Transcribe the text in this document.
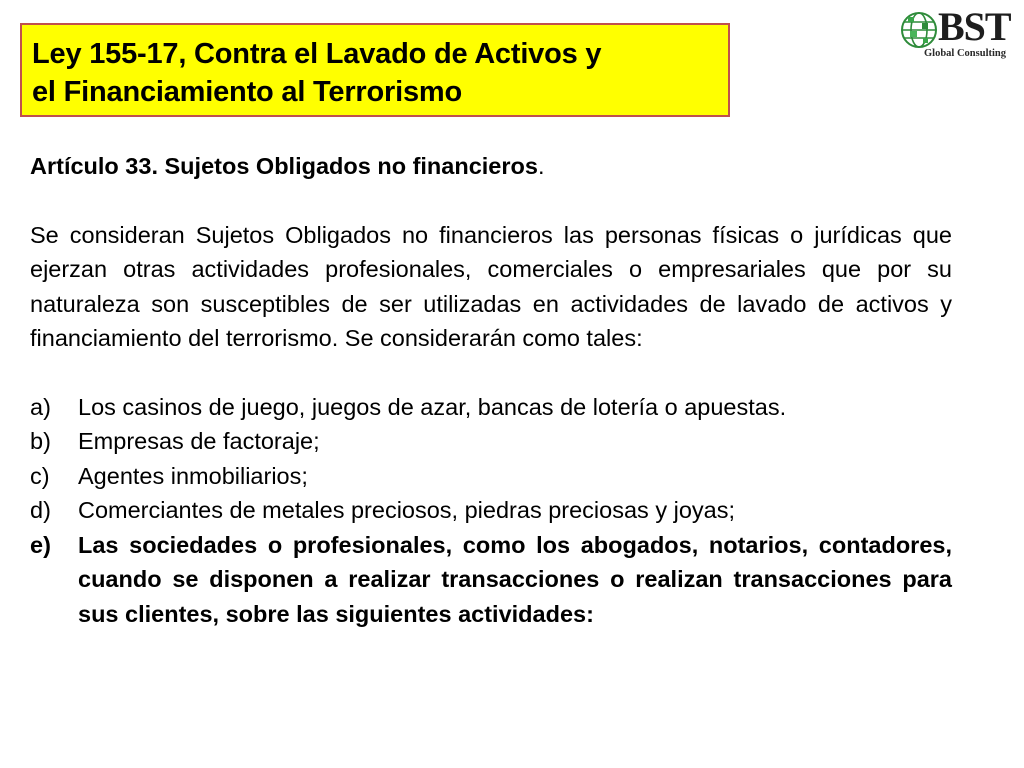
Ley 155-17, Contra el Lavado de Activos y
el Financiamiento al Terrorismo
BST
Global Consulting

Artículo 33. Sujetos Obligados no financieros.

Se consideran Sujetos Obligados no financieros las personas físicas o jurídicas que ejerzan otras actividades profesionales, comerciales o empresariales que por su naturaleza son susceptibles de ser utilizadas en actividades de lavado de activos y financiamiento del terrorismo. Se considerarán como tales:

a) Los casinos de juego, juegos de azar, bancas de lotería o apuestas.
b) Empresas de factoraje;
c) Agentes inmobiliarios;
d) Comerciantes de metales preciosos, piedras preciosas y joyas;
e) Las sociedades o profesionales, como los abogados, notarios, contadores, cuando se disponen a realizar transacciones o realizan transacciones para sus clientes, sobre las siguientes actividades:
